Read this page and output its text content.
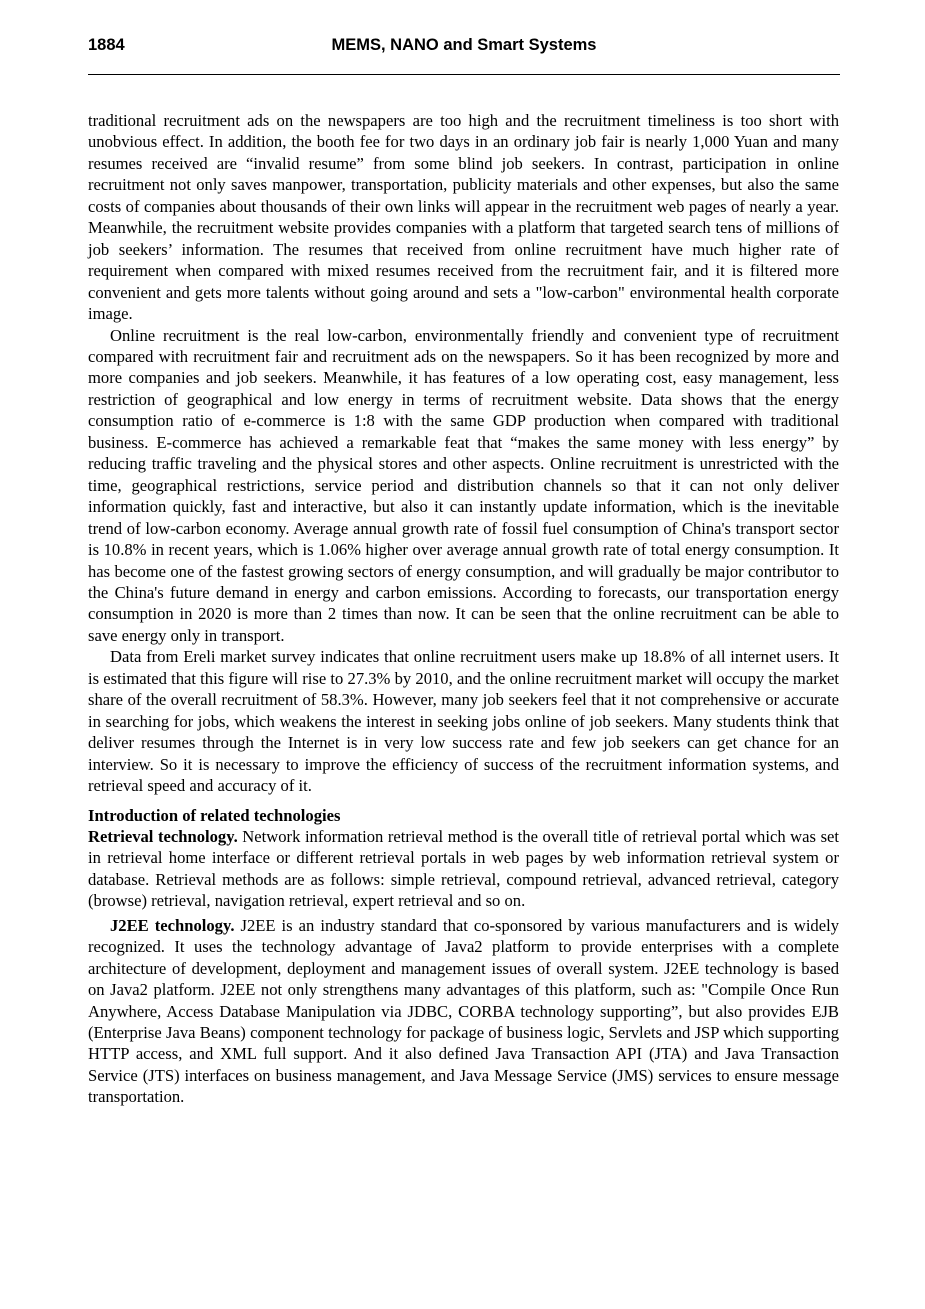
1884	MEMS, NANO and Smart Systems

traditional recruitment ads on the newspapers are too high and the recruitment timeliness is too short with unobvious effect. In addition, the booth fee for two days in an ordinary job fair is nearly 1,000 Yuan and many resumes received are “invalid resume” from some blind job seekers. In contrast, participation in online recruitment not only saves manpower, transportation, publicity materials and other expenses, but also the same costs of companies about thousands of their own links will appear in the recruitment web pages of nearly a year. Meanwhile, the recruitment website provides companies with a platform that targeted search tens of millions of job seekers’ information. The resumes that received from online recruitment have much higher rate of requirement when compared with mixed resumes received from the recruitment fair, and it is filtered more convenient and gets more talents without going around and sets a "low-carbon" environmental health corporate image.

Online recruitment is the real low-carbon, environmentally friendly and convenient type of recruitment compared with recruitment fair and recruitment ads on the newspapers. So it has been recognized by more and more companies and job seekers. Meanwhile, it has features of a low operating cost, easy management, less restriction of geographical and low energy in terms of recruitment website. Data shows that the energy consumption ratio of e-commerce is 1:8 with the same GDP production when compared with traditional business. E-commerce has achieved a remarkable feat that “makes the same money with less energy” by reducing traffic traveling and the physical stores and other aspects. Online recruitment is unrestricted with the time, geographical restrictions, service period and distribution channels so that it can not only deliver information quickly, fast and interactive, but also it can instantly update information, which is the inevitable trend of low-carbon economy. Average annual growth rate of fossil fuel consumption of China's transport sector is 10.8% in recent years, which is 1.06% higher over average annual growth rate of total energy consumption. It has become one of the fastest growing sectors of energy consumption, and will gradually be major contributor to the China's future demand in energy and carbon emissions. According to forecasts, our transportation energy consumption in 2020 is more than 2 times than now. It can be seen that the online recruitment can be able to save energy only in transport.

Data from Ereli market survey indicates that online recruitment users make up 18.8% of all internet users. It is estimated that this figure will rise to 27.3% by 2010, and the online recruitment market will occupy the market share of the overall recruitment of 58.3%. However, many job seekers feel that it not comprehensive or accurate in searching for jobs, which weakens the interest in seeking jobs online of job seekers. Many students think that deliver resumes through the Internet is in very low success rate and few job seekers can get chance for an interview. So it is necessary to improve the efficiency of success of the recruitment information systems, and retrieval speed and accuracy of it.

Introduction of related technologies

Retrieval technology. Network information retrieval method is the overall title of retrieval portal which was set in retrieval home interface or different retrieval portals in web pages by web information retrieval system or database. Retrieval methods are as follows: simple retrieval, compound retrieval, advanced retrieval, category (browse) retrieval, navigation retrieval, expert retrieval and so on.

J2EE technology. J2EE is an industry standard that co-sponsored by various manufacturers and is widely recognized. It uses the technology advantage of Java2 platform to provide enterprises with a complete architecture of development, deployment and management issues of overall system. J2EE technology is based on Java2 platform. J2EE not only strengthens many advantages of this platform, such as: "Compile Once Run Anywhere, Access Database Manipulation via JDBC, CORBA technology supporting”, but also provides EJB (Enterprise Java Beans) component technology for package of business logic, Servlets and JSP which supporting HTTP access, and XML full support. And it also defined Java Transaction API (JTA) and Java Transaction Service (JTS) interfaces on business management, and Java Message Service (JMS) services to ensure message transportation.
